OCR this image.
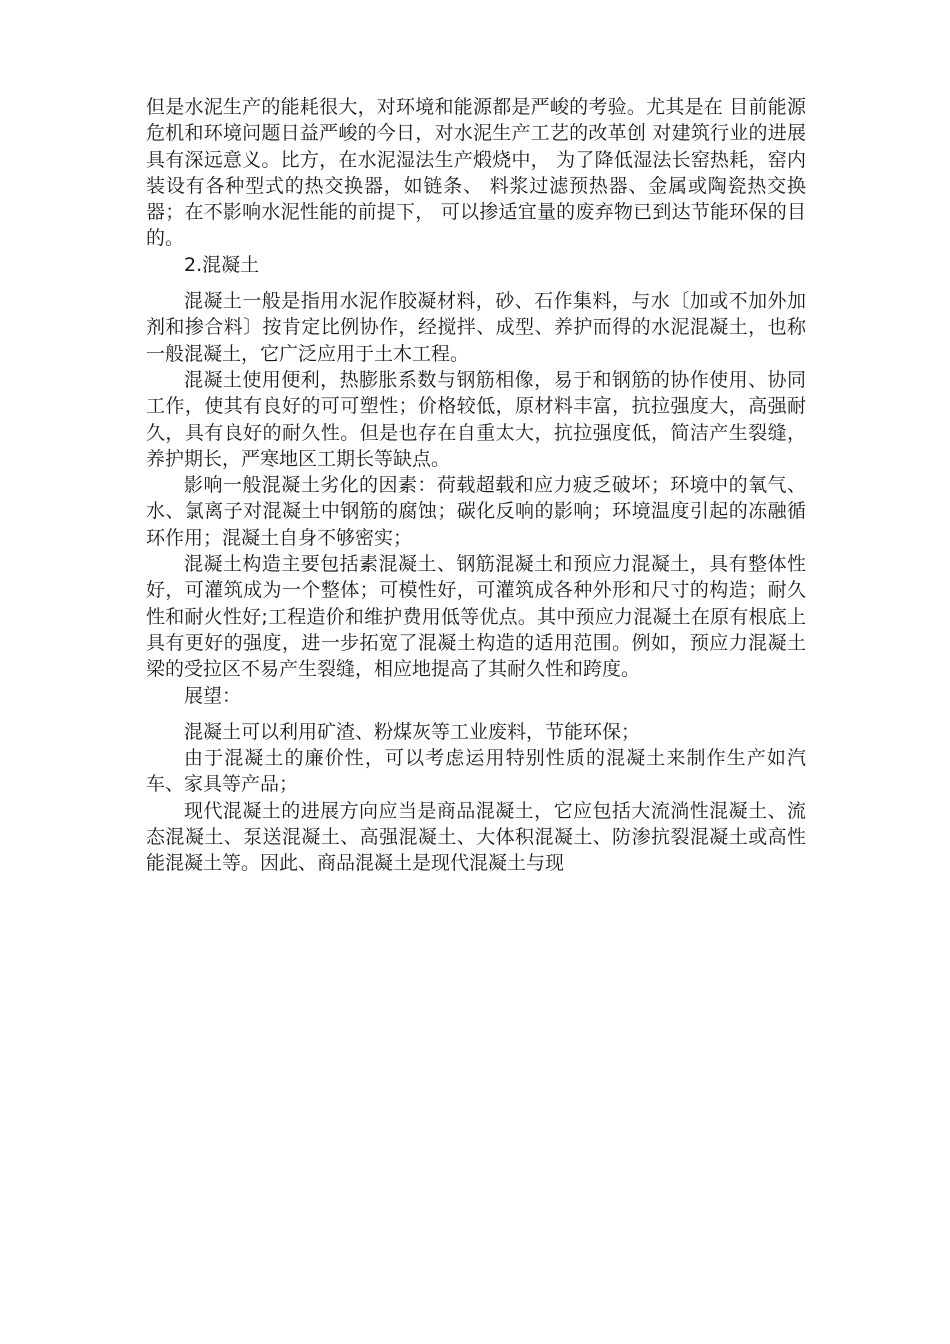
但是水泥生产的能耗很大，对环境和能源都是严峻的考验。尤其是在 目前能源危机和环境问题日益严峻的今日，对水泥生产工艺的改革创 对建筑行业的进展具有深远意义。比方，在水泥湿法生产煅烧中， 为了降低湿法长窑热耗，窑内装设有各种型式的热交换器，如链条、 料浆过滤预热器、金属或陶瓷热交换器；在不影响水泥性能的前提下， 可以掺适宜量的废弃物已到达节能环保的目的。

2.混凝土

混凝土一般是指用水泥作胶凝材料，砂、石作集料，与水〔加或不加外加剂和掺合料〕按肯定比例协作，经搅拌、成型、养护而得的水泥混凝土，也称一般混凝土，它广泛应用于土木工程。

混凝土使用便利，热膨胀系数与钢筋相像，易于和钢筋的协作使用、协同工作，使其有良好的可可塑性；价格较低，原材料丰富，抗拉强度大，高强耐久，具有良好的耐久性。但是也存在自重太大，抗拉强度低，简洁产生裂缝，养护期长，严寒地区工期长等缺点。

影响一般混凝土劣化的因素：荷载超载和应力疲乏破坏；环境中的氧气、水、氯离子对混凝土中钢筋的腐蚀；碳化反响的影响；环境温度引起的冻融循环作用；混凝土自身不够密实；

混凝土构造主要包括素混凝土、钢筋混凝土和预应力混凝土，具有整体性好，可灌筑成为一个整体；可模性好，可灌筑成各种外形和尺寸的构造；耐久性和耐火性好;工程造价和维护费用低等优点。其中预应力混凝土在原有根底上具有更好的强度，进一步拓宽了混凝土构造的适用范围。例如，预应力混凝土梁的受拉区不易产生裂缝，相应地提高了其耐久性和跨度。

展望：

混凝土可以利用矿渣、粉煤灰等工业废料，节能环保；

由于混凝土的廉价性，可以考虑运用特别性质的混凝土来制作生产如汽车、家具等产品；

现代混凝土的进展方向应当是商品混凝土，它应包括大流淌性混凝土、流态混凝土、泵送混凝土、高强混凝土、大体积混凝土、防渗抗裂混凝土或高性能混凝土等。因此、商品混凝土是现代混凝土与现
